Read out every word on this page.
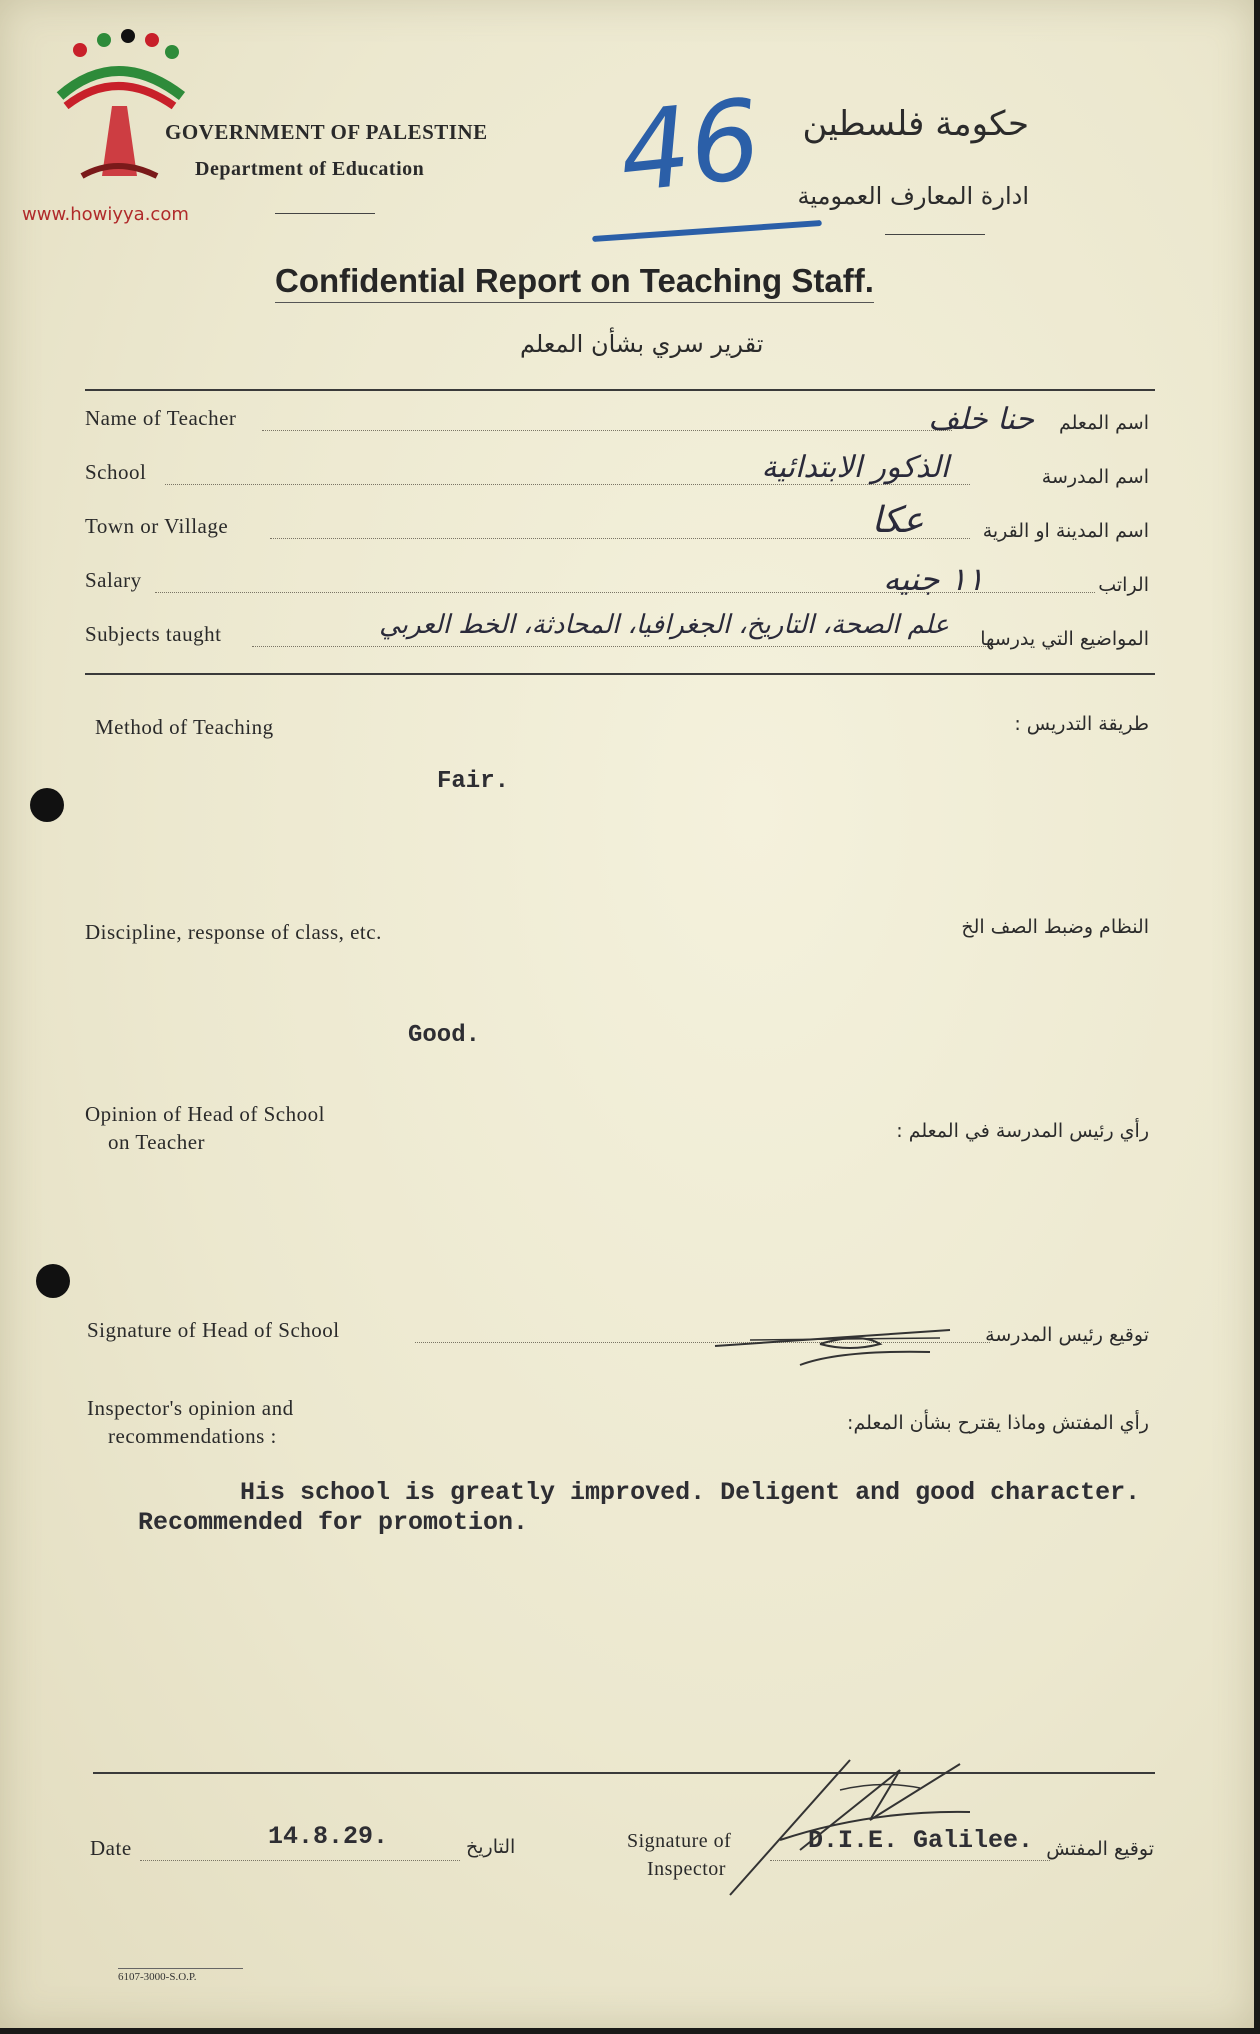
www.howiyya.com
GOVERNMENT OF PALESTINE
Department of Education 46 حكومة فلسطين
ادارة المعارف العمومية
Confidential Report on Teaching Staff.
تقرير سري بشأن المعلم
Name of Teacher	اسم المعلم
حنا خلف
School	اسم المدرسة
الذكور الابتدائية
Town or Village	اسم المدينة او القرية
عكا
Salary	الراتب
١١ جنيه
Subjects taught	المواضيع التي يدرسها
علم الصحة، التاريخ، الجغرافيا، المحادثة، الخط العربي
Method of Teaching	طريقة التدريس :
Fair.
Discipline, response of class, etc.	النظام وضبط الصف الخ
Good.
Opinion of Head of School
on Teacher	رأي رئيس المدرسة في المعلم :
Signature of Head of School	توقيع رئيس المدرسة
Inspector's opinion and
recommendations :
رأي المفتش وماذا يقترح بشأن المعلم:
His school is greatly improved. Deligent and good character.
Recommended for promotion.
Date	14.8.29.	التاريخ	Signature of
Inspector
D.I.E. Galilee. توقيع المفتش
6107-3000-S.O.P.
